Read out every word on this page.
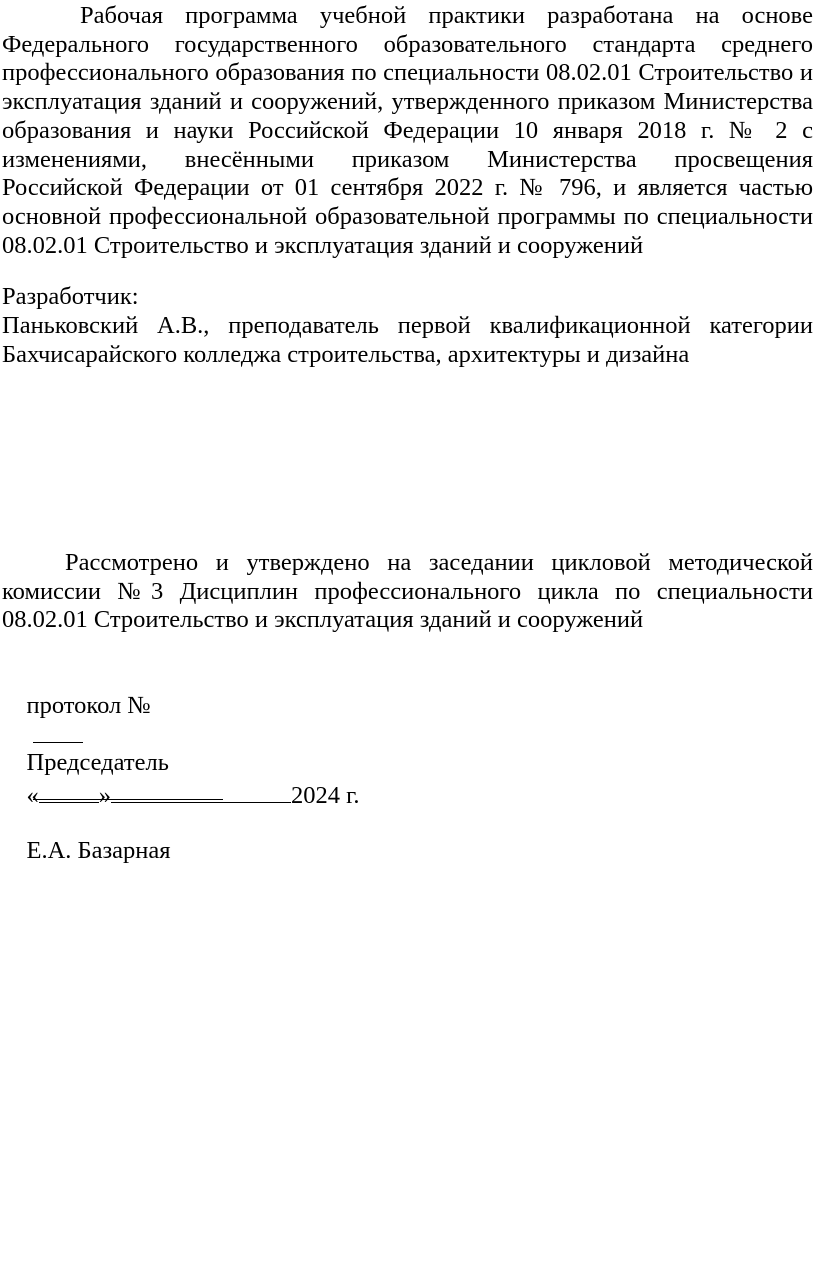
Рабочая программа учебной практики разработана на основе Федерального государственного образовательного стандарта среднего профессионального образования по специальности 08.02.01 Строительство и эксплуатация зданий и сооружений, утвержденного приказом Министерства образования и науки Российской Федерации 10 января 2018 г. № 2 с изменениями, внесёнными приказом Министерства просвещения Российской Федерации от 01 сентября 2022 г. № 796, и является частью основной профессиональной образовательной программы по специальности 08.02.01 Строительство и эксплуатация зданий и сооружений

Разработчик:

Паньковский А.В., преподаватель первой квалификационной категории Бахчисарайского колледжа строительства, архитектуры и дизайна

Рассмотрено и утверждено на заседании цикловой методической комиссии №3 Дисциплин профессионального цикла по специальности 08.02.01 Строительство и эксплуатация зданий и сооружений

протокол №

« »	2024 г.

Председатель

Е.А. Базарная
